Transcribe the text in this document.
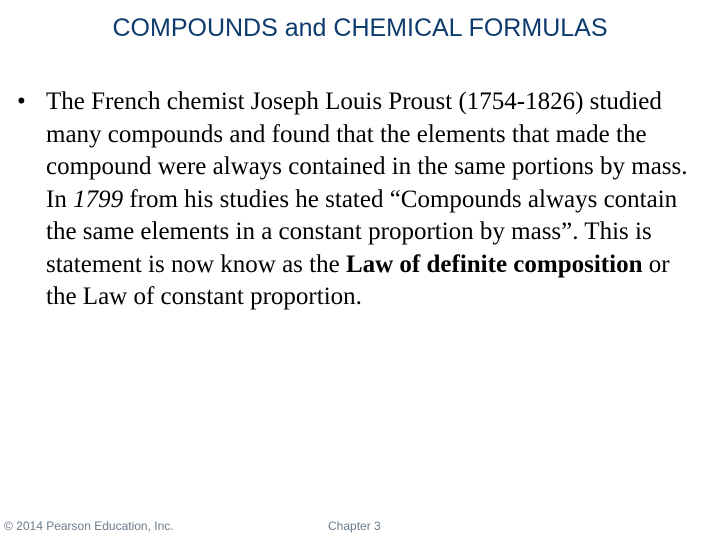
COMPOUNDS and CHEMICAL FORMULAS
• The French chemist Joseph Louis Proust (1754-1826) studied many compounds and found that the elements that made the compound were always contained in the same portions by mass. In 1799 from his studies he stated “Compounds always contain the same elements in a constant proportion by mass”. This is statement is now know as the Law of definite composition or the Law of constant proportion.
© 2014 Pearson Education, Inc.	Chapter 3
